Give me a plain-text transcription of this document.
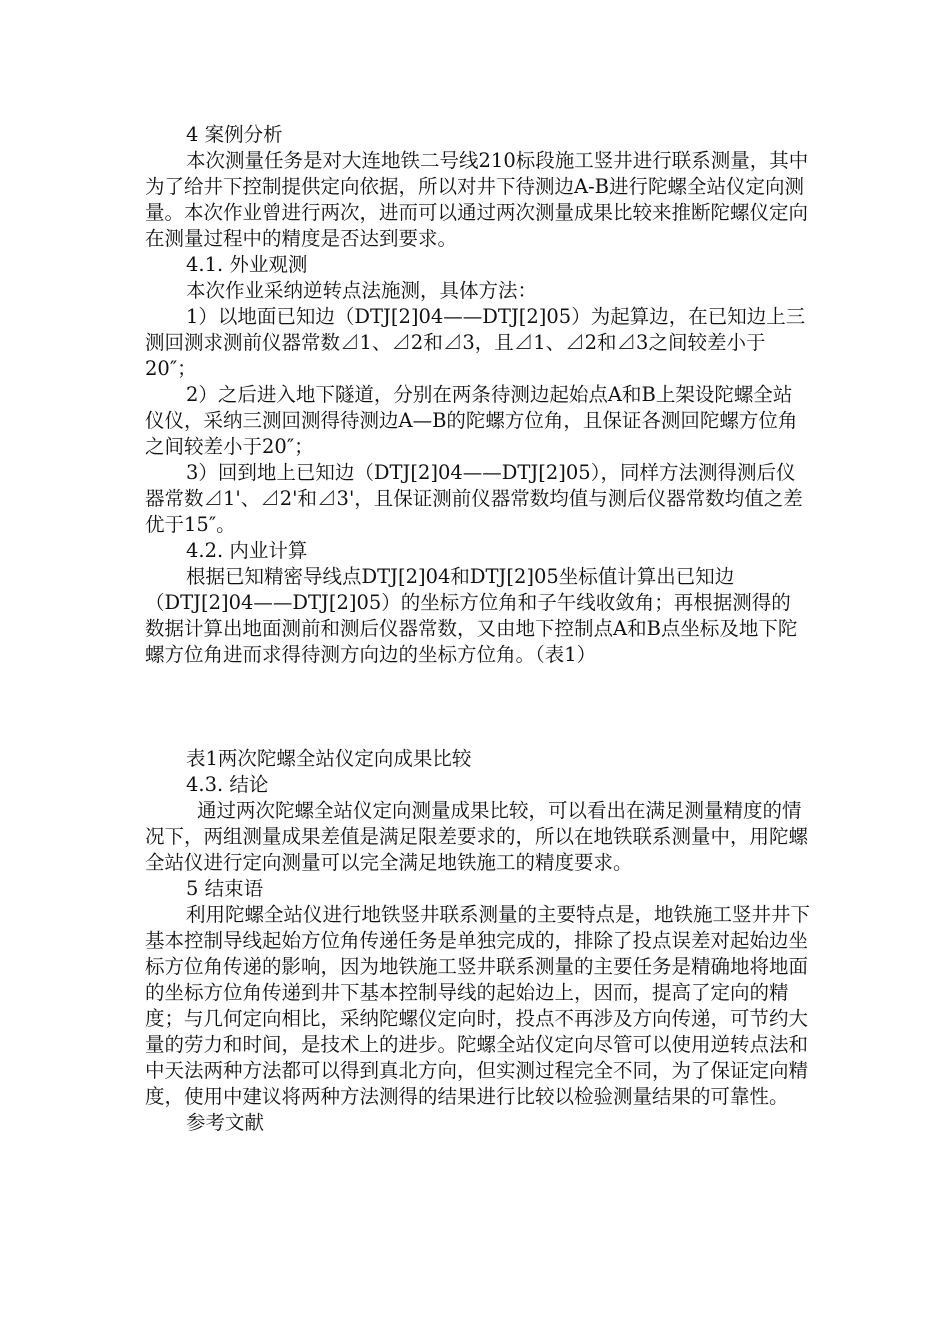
4 案例分析

本次测量任务是对大连地铁二号线210标段施工竖井进行联系测量，其中为了给井下控制提供定向依据，所以对井下待测边A-B进行陀螺全站仪定向测量。本次作业曾进行两次，进而可以通过两次测量成果比较来推断陀螺仪定向在测量过程中的精度是否达到要求。

4.1. 外业观测

本次作业采纳逆转点法施测，具体方法：

1）以地面已知边（DTJ[2]04——DTJ[2]05）为起算边，在已知边上三测回测求测前仪器常数⊿1、⊿2和⊿3，且⊿1、⊿2和⊿3之间较差小于20″；

2）之后进入地下隧道，分别在两条待测边起始点A和B上架设陀螺全站仪仪，采纳三测回测得待测边A—B的陀螺方位角，且保证各测回陀螺方位角之间较差小于20″；

3）回到地上已知边（DTJ[2]04——DTJ[2]05），同样方法测得测后仪器常数⊿1'、⊿2'和⊿3'，且保证测前仪器常数均值与测后仪器常数均值之差优于15″。

4.2. 内业计算

根据已知精密导线点DTJ[2]04和DTJ[2]05坐标值计算出已知边（DTJ[2]04——DTJ[2]05）的坐标方位角和子午线收敛角；再根据测得的数据计算出地面测前和测后仪器常数，又由地下控制点A和B点坐标及地下陀螺方位角进而求得待测方向边的坐标方位角。（表1）

表1两次陀螺全站仪定向成果比较

4.3. 结论

通过两次陀螺全站仪定向测量成果比较，可以看出在满足测量精度的情况下，两组测量成果差值是满足限差要求的，所以在地铁联系测量中，用陀螺全站仪进行定向测量可以完全满足地铁施工的精度要求。

5 结束语

利用陀螺全站仪进行地铁竖井联系测量的主要特点是，地铁施工竖井井下基本控制导线起始方位角传递任务是单独完成的，排除了投点误差对起始边坐标方位角传递的影响，因为地铁施工竖井联系测量的主要任务是精确地将地面的坐标方位角传递到井下基本控制导线的起始边上，因而，提高了定向的精度；与几何定向相比，采纳陀螺仪定向时，投点不再涉及方向传递，可节约大量的劳力和时间，是技术上的进步。陀螺全站仪定向尽管可以使用逆转点法和中天法两种方法都可以得到真北方向，但实测过程完全不同，为了保证定向精度，使用中建议将两种方法测得的结果进行比较以检验测量结果的可靠性。

参考文献
